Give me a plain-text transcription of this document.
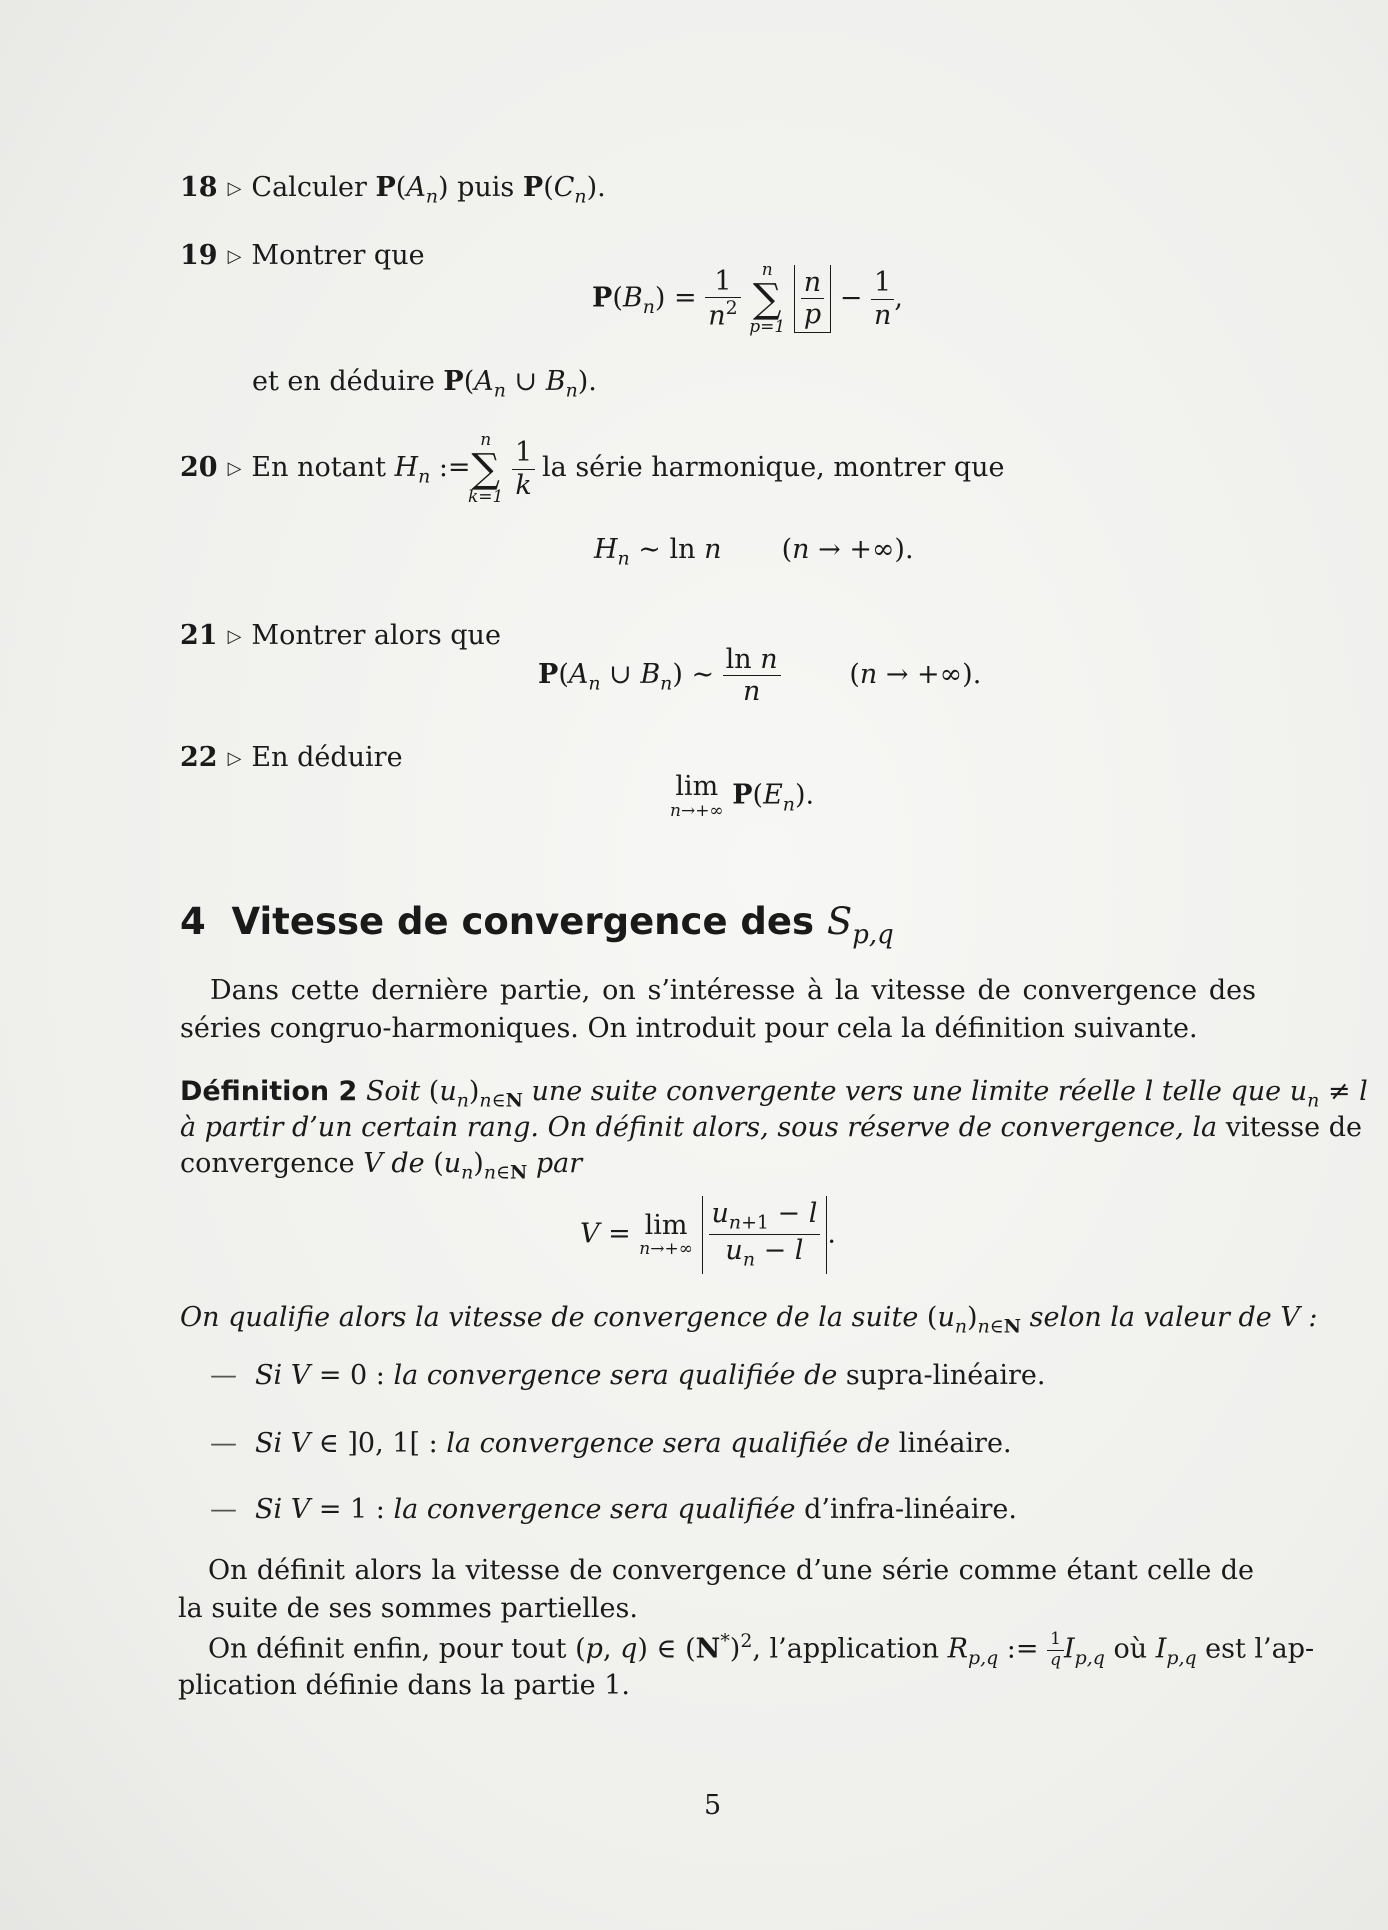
18 ▷ Calculer $P(A_n)$ puis $P(C_n)$.
19 ▷ Montrer que
$P(B_n) = \frac{1}{n^2}$
	n
∑
p=1
$\frac{n}{p} - \frac{1}{n}$ ,
et en déduire $P(A_n$ ∪ $B_n$).
20 ▷ En notant $H_n$ :=
n
∑
k=1
$\frac{1}{k}$ la série harmonique, montrer que
$H_n$ ∼ ln n       (n → +∞).
21 ▷ Montrer alors que
$P(A_n$ ∪ $B_n$) ∼ $\frac{\text{ln n}}{n} (n$ → +∞).
22 ▷ En déduire
lim
n→+∞ $P(E_n)$.
4 Vitesse de convergence des $S_{p,q}$
Dans cette dernière partie, on s’intéresse à la vitesse de convergence des séries congruo-harmoniques. On introduit pour cela la définition suivante.
Définition 2 Soit $(u_n)_{n\in N}$ une suite convergente vers une limite réelle l telle que $u_n \ne l$
à partir d’un certain rang. On définit alors, sous réserve de convergence, la vitesse de
convergence V de $(u_n)_{n\in N}$ par
V = lim
n→+∞
$\frac{u_{n+1} - l}{u_n - l}$ .
On qualifie alors la vitesse de convergence de la suite $(u_n)_{n\in N}$ selon la valeur de V :
— Si V = 0 : la convergence sera qualifiée de supra-linéaire.
— Si V ∈ ]0, 1[ : la convergence sera qualifiée de linéaire.
— Si V = 1 : la convergence sera qualifiée d’infra-linéaire.
On définit alors la vitesse de convergence d’une série comme étant celle de la suite de ses sommes partielles.
On définit enfin, pour tout (p, q) ∈ $(N^*)^2$, l’application $R_{p,q}$ := $\frac{1}{q} I_{p,q}$ où $I_{p,q}$ est l’ap-
plication définie dans la partie 1.
5
